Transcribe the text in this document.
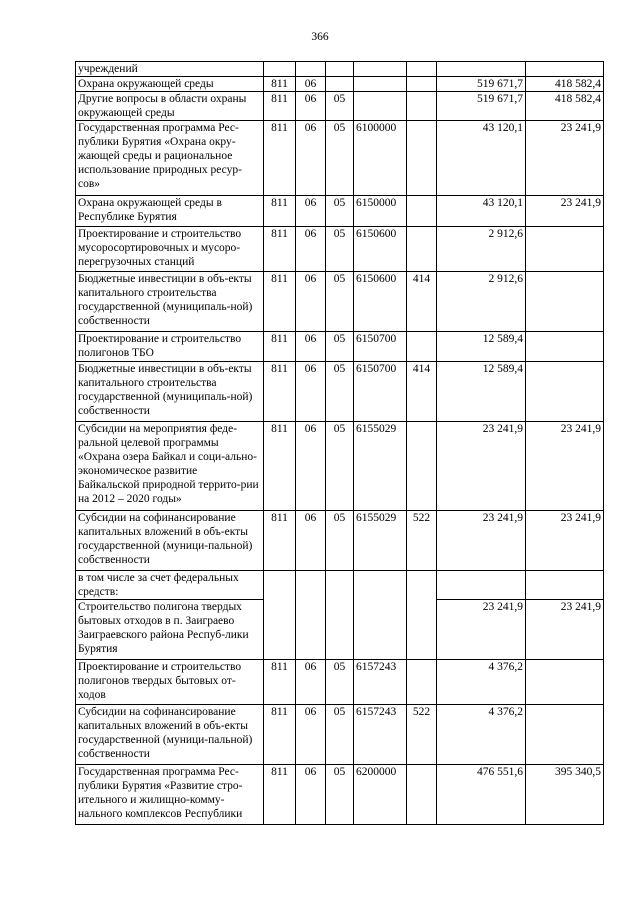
366
учреждений							
Охрана окружающей среды	811	06				519 671,7	418 582,4
Другие вопросы в области охраны окружающей среды	811	06	05			519 671,7	418 582,4
Государственная программа Рес-публики Бурятия «Охрана окру-жающей среды и рациональное использование природных ресур-сов»	811	06	05	6100000		43 120,1	23 241,9
Охрана окружающей среды в Республике Бурятия	811	06	05	6150000		43 120,1	23 241,9
Проектирование и строительство мусоросортировочных и мусоро-перегрузочных станций	811	06	05	6150600		2 912,6	
Бюджетные инвестиции в объ-екты капитального строительства государственной (муниципаль-ной) собственности	811	06	05	6150600	414	2 912,6	
Проектирование и строительство полигонов ТБО	811	06	05	6150700		12 589,4	
Бюджетные инвестиции в объ-екты капитального строительства государственной (муниципаль-ной) собственности	811	06	05	6150700	414	12 589,4	
Субсидии на мероприятия феде-ральной целевой программы «Охрана озера Байкал и соци-ально-экономическое развитие Байкальской природной террито-рии на 2012 – 2020 годы»	811	06	05	6155029		23 241,9	23 241,9
Субсидии на софинансирование капитальных вложений в объ-екты государственной (муници-пальной) собственности	811	06	05	6155029	522	23 241,9	23 241,9
в том числе за счет федеральных средств:							
Строительство полигона твердых бытовых отходов в п. Заиграево Заиграевского района Респуб-лики Бурятия						23 241,9	23 241,9
Проектирование и строительство полигонов твердых бытовых от-ходов	811	06	05	6157243		4 376,2	
Субсидии на софинансирование капитальных вложений в объ-екты государственной (муници-пальной) собственности	811	06	05	6157243	522	4 376,2	
Государственная программа Рес-публики Бурятия «Развитие стро-ительного и жилищно-комму-нального комплексов Республики	811	06	05	6200000		476 551,6	395 340,5
